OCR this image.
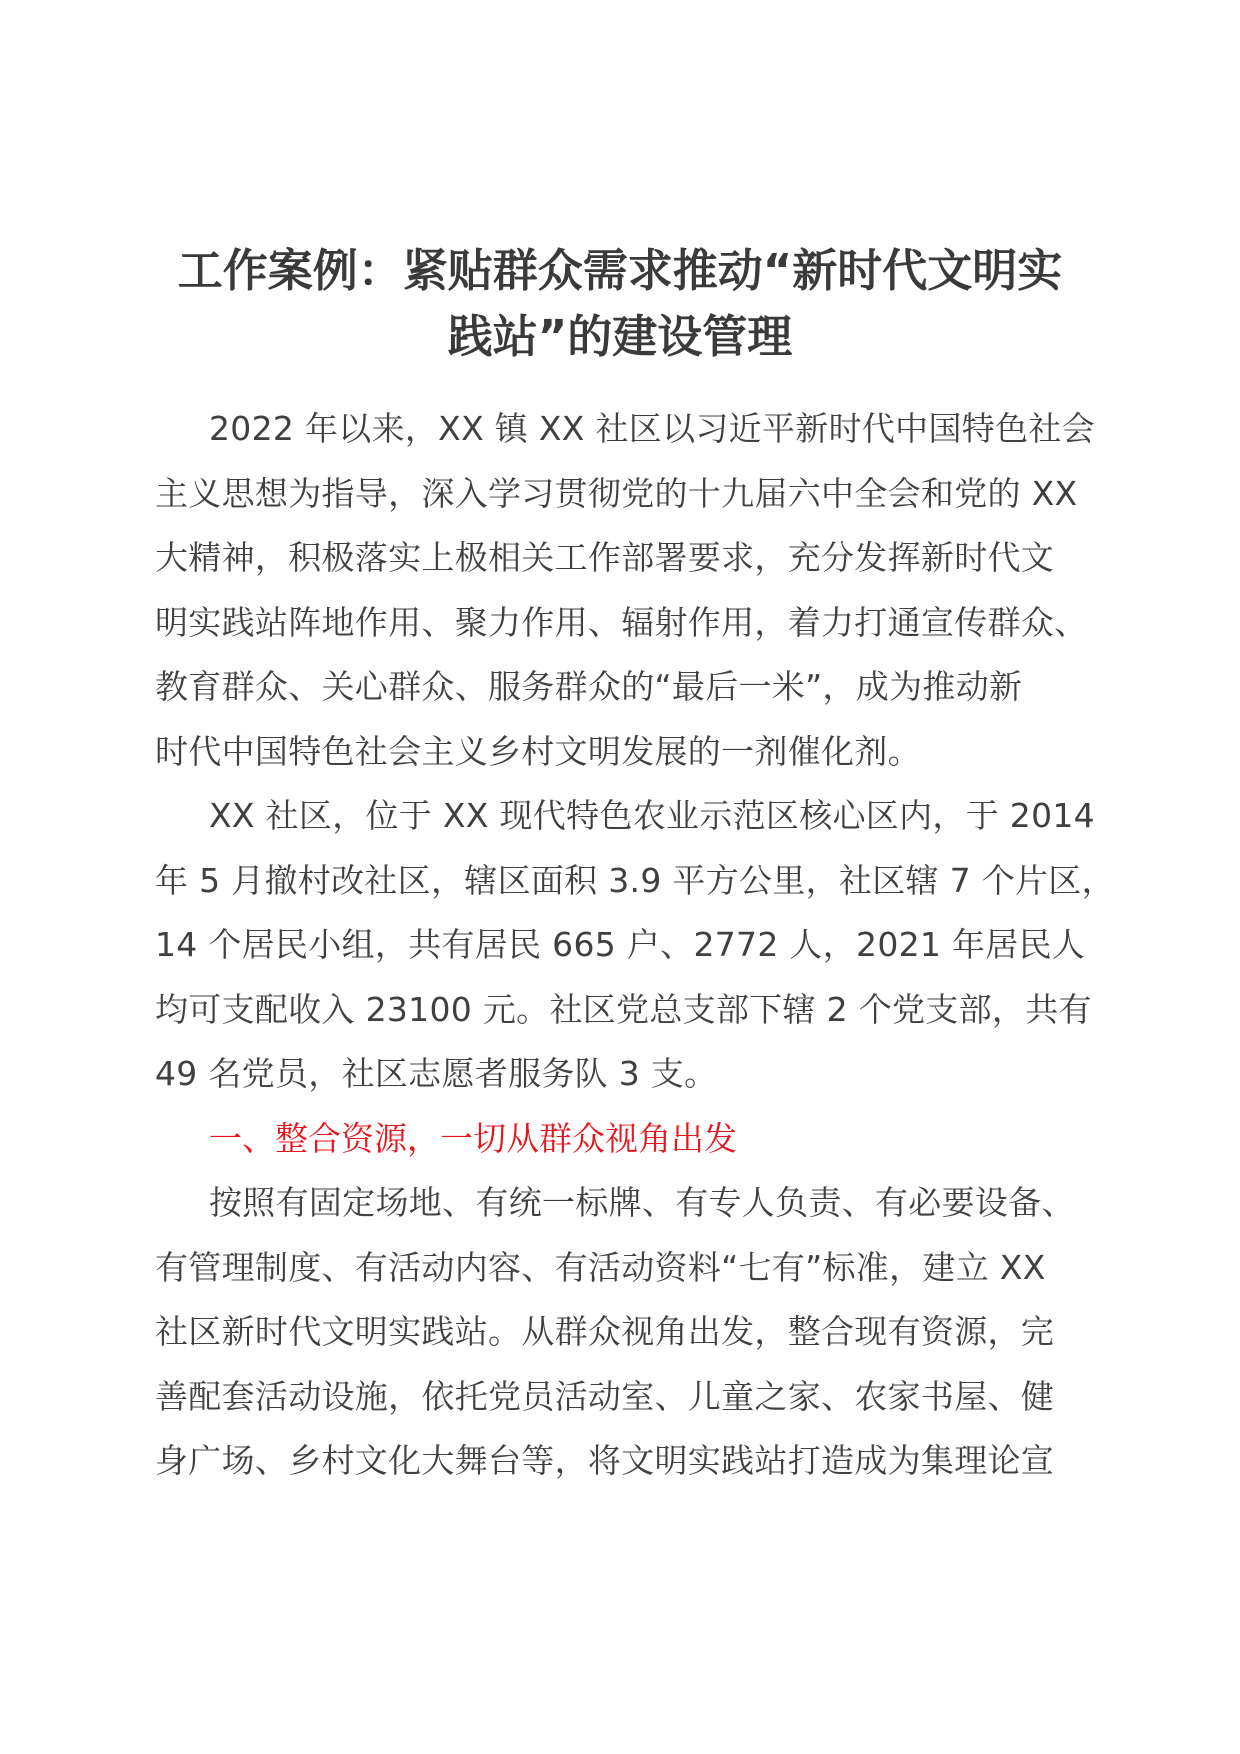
工作案例：紧贴群众需求推动“新时代文明实
践站”的建设管理
2022 年以来，XX 镇 XX 社区以习近平新时代中国特色社会
主义思想为指导，深入学习贯彻党的十九届六中全会和党的 XX
大精神，积极落实上极相关工作部署要求，充分发挥新时代文
明实践站阵地作用、聚力作用、辐射作用，着力打通宣传群众、
教育群众、关心群众、服务群众的“最后一米”，成为推动新
时代中国特色社会主义乡村文明发展的一剂催化剂。
XX 社区，位于 XX 现代特色农业示范区核心区内，于 2014
年 5 月撤村改社区，辖区面积 3.9 平方公里，社区辖 7 个片区，
14 个居民小组，共有居民 665 户、2772 人，2021 年居民人
均可支配收入 23100 元。社区党总支部下辖 2 个党支部，共有
49 名党员，社区志愿者服务队 3 支。
一、整合资源，一切从群众视角出发
按照有固定场地、有统一标牌、有专人负责、有必要设备、
有管理制度、有活动内容、有活动资料“七有”标准，建立 XX
社区新时代文明实践站。从群众视角出发，整合现有资源，完
善配套活动设施，依托党员活动室、儿童之家、农家书屋、健
身广场、乡村文化大舞台等，将文明实践站打造成为集理论宣
